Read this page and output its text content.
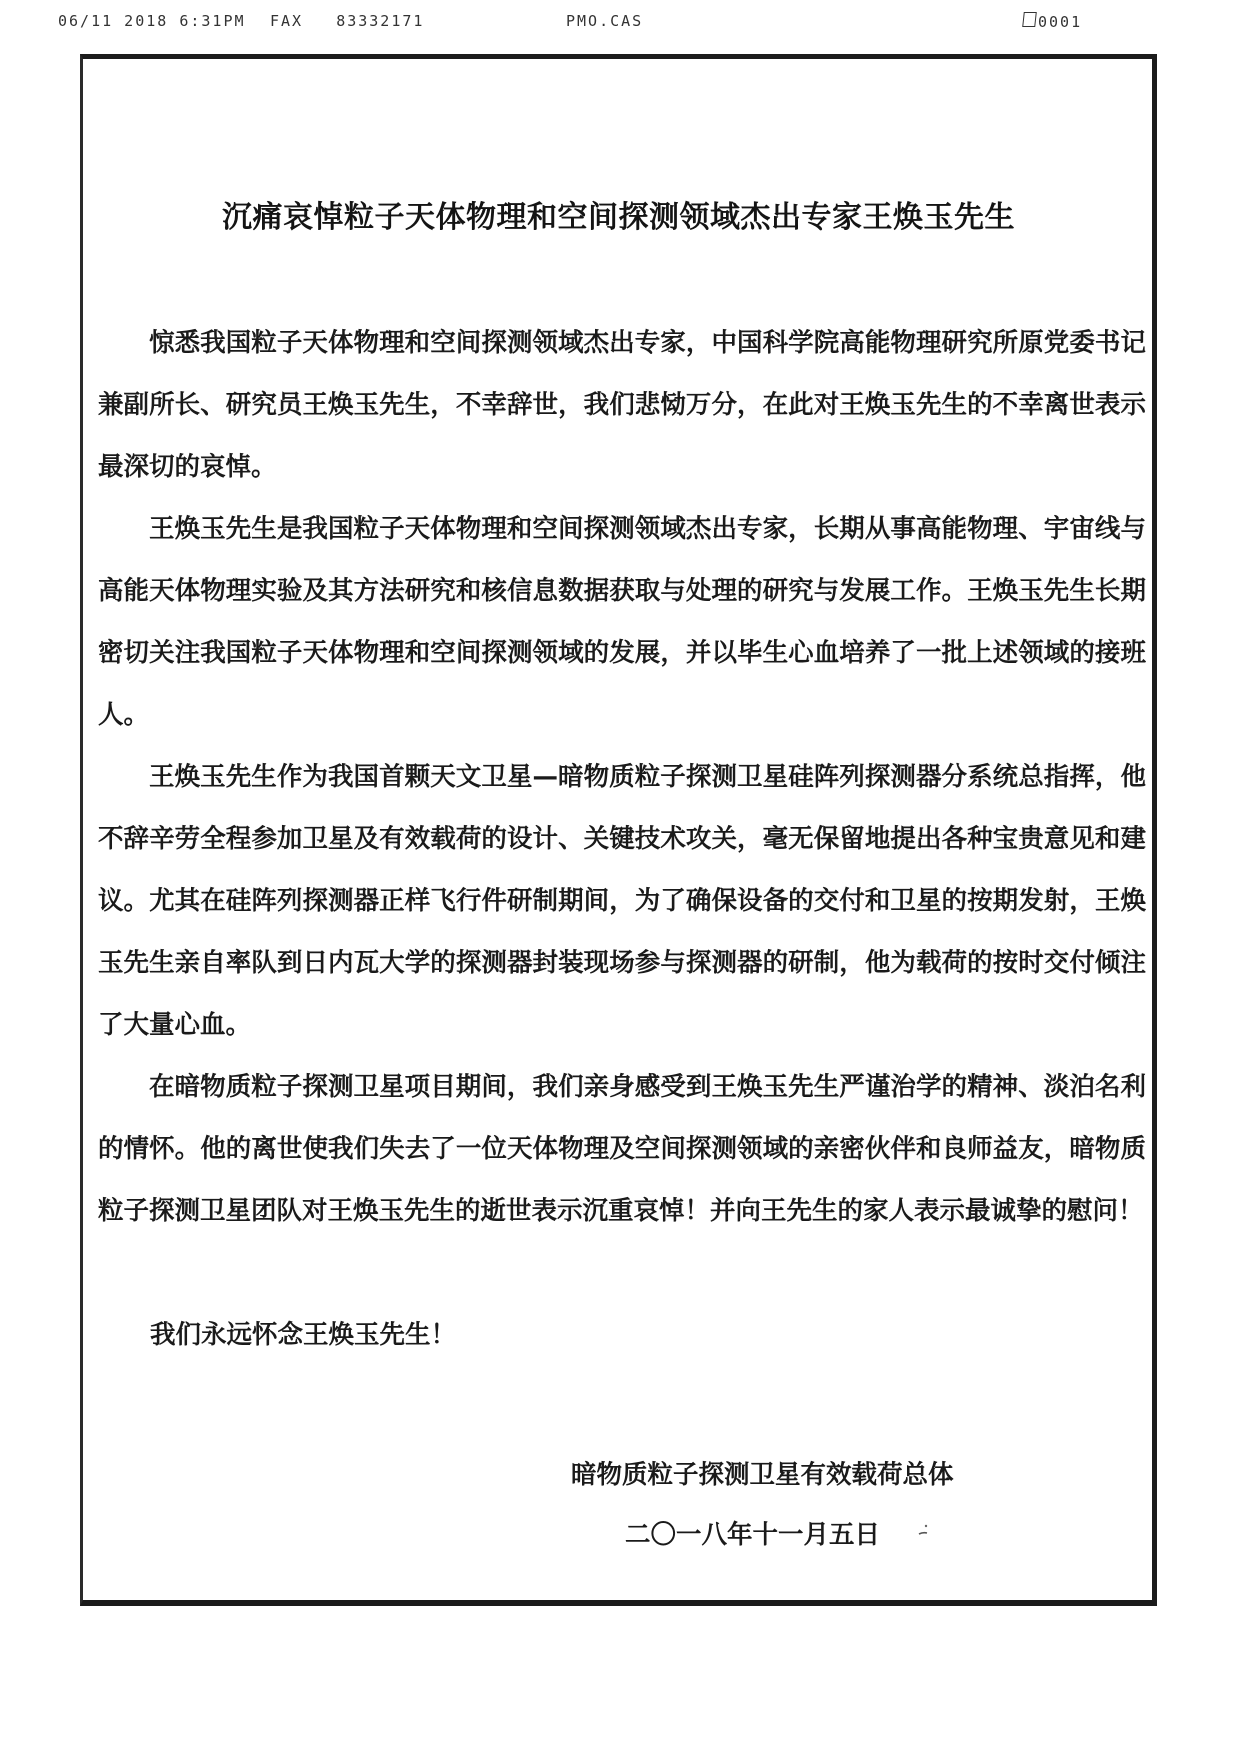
06/11 2018 6:31PM FAX 83332171	PMO.CAS	0001
沉痛哀悼粒子天体物理和空间探测领域杰出专家王焕玉先生

惊悉我国粒子天体物理和空间探测领域杰出专家，中国科学院高能物理研究所原党委书记兼副所长、研究员王焕玉先生，不幸辞世，我们悲恸万分，在此对王焕玉先生的不幸离世表示最深切的哀悼。

王焕玉先生是我国粒子天体物理和空间探测领域杰出专家，长期从事高能物理、宇宙线与高能天体物理实验及其方法研究和核信息数据获取与处理的研究与发展工作。王焕玉先生长期密切关注我国粒子天体物理和空间探测领域的发展，并以毕生心血培养了一批上述领域的接班人。

王焕玉先生作为我国首颗天文卫星—暗物质粒子探测卫星硅阵列探测器分系统总指挥，他不辞辛劳全程参加卫星及有效载荷的设计、关键技术攻关，毫无保留地提出各种宝贵意见和建议。尤其在硅阵列探测器正样飞行件研制期间，为了确保设备的交付和卫星的按期发射，王焕玉先生亲自率队到日内瓦大学的探测器封装现场参与探测器的研制，他为载荷的按时交付倾注了大量心血。

在暗物质粒子探测卫星项目期间，我们亲身感受到王焕玉先生严谨治学的精神、淡泊名利的情怀。他的离世使我们失去了一位天体物理及空间探测领域的亲密伙伴和良师益友，暗物质粒子探测卫星团队对王焕玉先生的逝世表示沉重哀悼！并向王先生的家人表示最诚挚的慰问！

我们永远怀念王焕玉先生！
暗物质粒子探测卫星有效载荷总体
二〇一八年十一月五日
